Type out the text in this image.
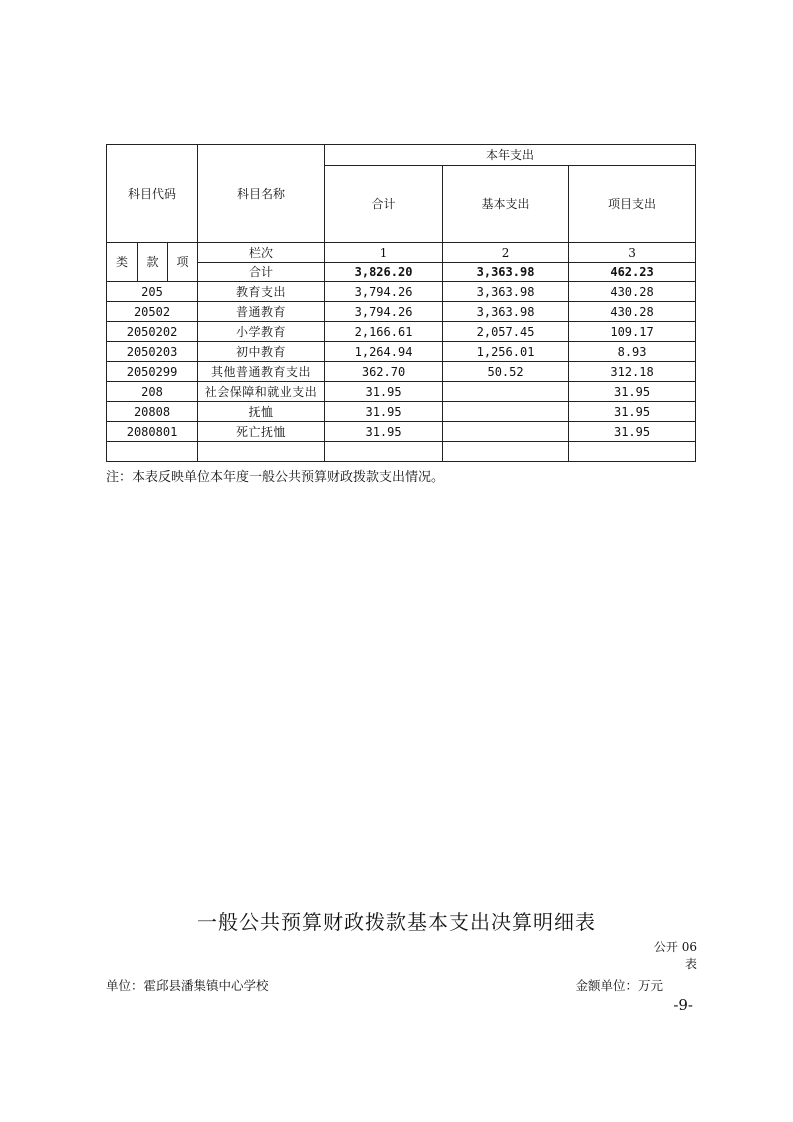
科目代码			科目名称	本年支出		
				合计	基本支出	项目支出
类	款	项	栏次	1	2	3
			合计	3,826.20	3,363.98	462.23
205			教育支出	3,794.26	3,363.98	430.28
20502			普通教育	3,794.26	3,363.98	430.28
2050202			小学教育	2,166.61	2,057.45	109.17
2050203			初中教育	1,264.94	1,256.01	8.93
2050299			其他普通教育支出	362.70	50.52	312.18
208			社会保障和就业支出	31.95		31.95
20808			抚恤	31.95		31.95
2080801			死亡抚恤	31.95		31.95

注：本表反映单位本年度一般公共预算财政拨款支出情况。
一般公共预算财政拨款基本支出决算明细表
公开 06
表
单位：霍邱县潘集镇中心学校	金额单位：万元
-9-
